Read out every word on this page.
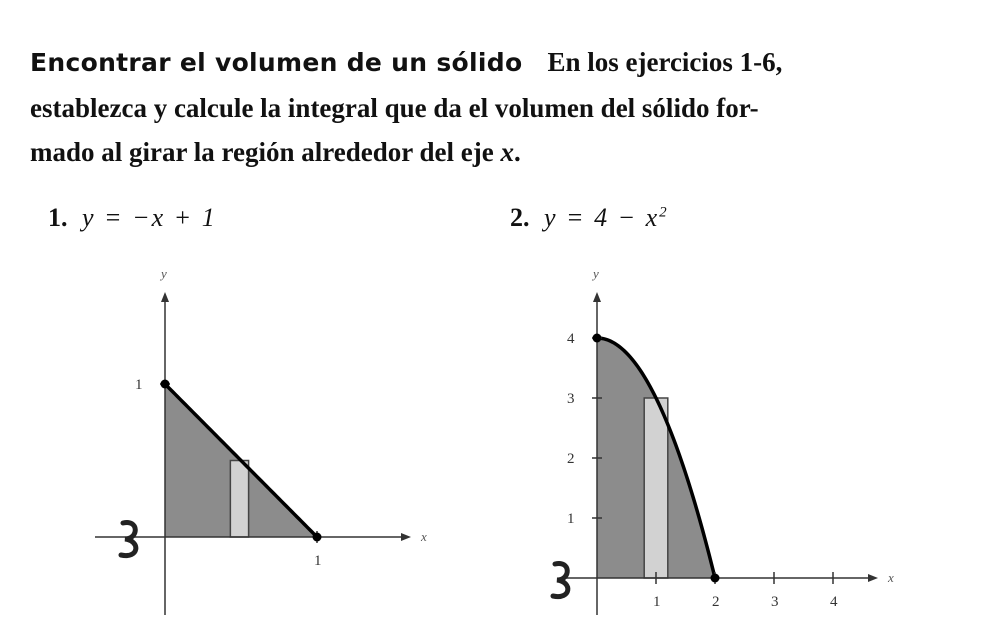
Encontrar el volumen de un sólido En los ejercicios 1-6,
establezca y calcule la integral que da el volumen del sólido for-
mado al girar la región alrededor del eje x.
1. y = −x + 1	2. $y = 4 - x^2$
x
y
1
1
x
y
1	2	3	4
1
2
3
4
